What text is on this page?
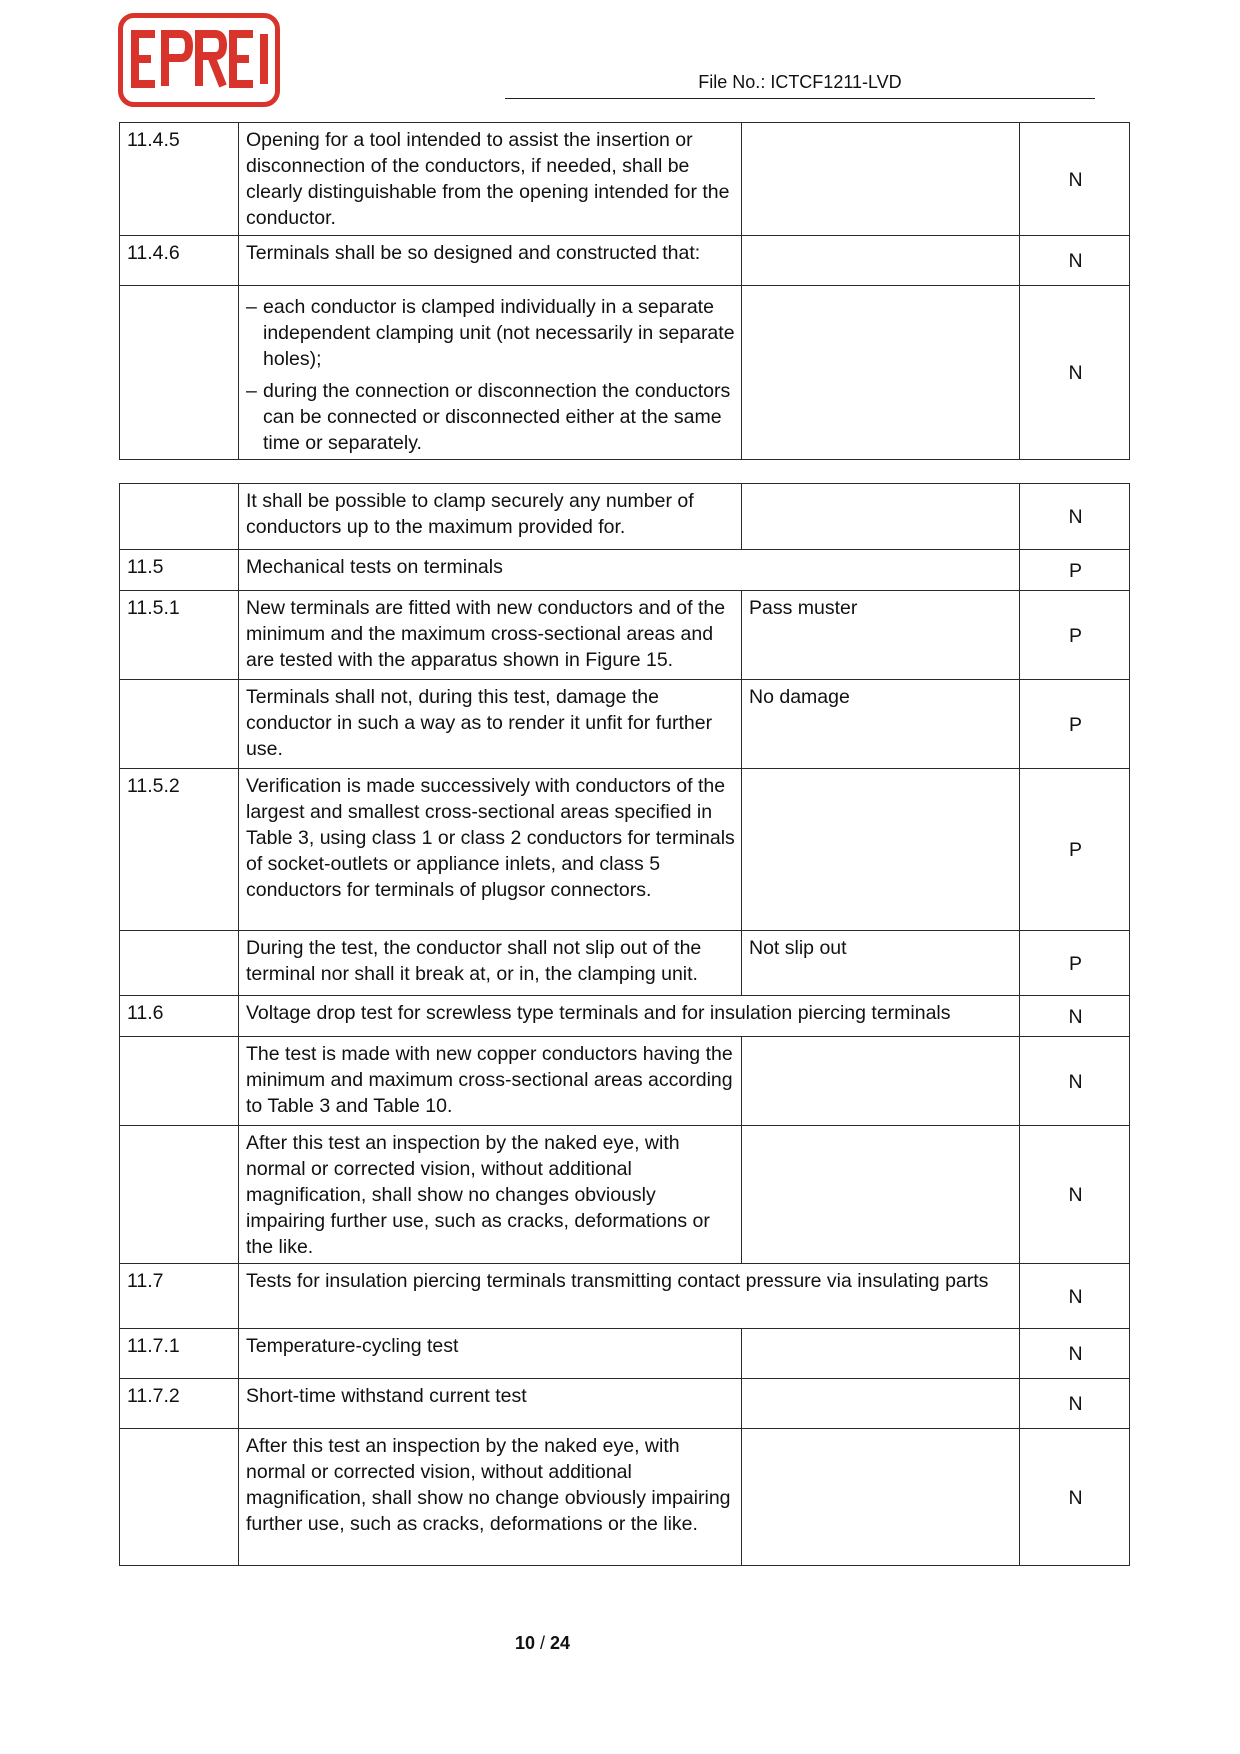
File No.: ICTCF1211-LVD
11.4.5	Opening for a tool intended to assist the insertion or disconnection of the conductors, if needed, shall be clearly distinguishable from the opening intended for the conductor.		N
11.4.6	Terminals shall be so designed and constructed that:		N

	– each conductor is clamped individually in a separate independent clamping unit (not necessarily in separate holes);
– during the connection or disconnection the conductors can be connected or disconnected either at the same time or separately.		N
	It shall be possible to clamp securely any number of conductors up to the maximum provided for.		N
11.5	Mechanical tests on terminals		P
11.5.1	New terminals are fitted with new conductors and of the minimum and the maximum cross-sectional areas and are tested with the apparatus shown in Figure 15.	Pass muster	P
	Terminals shall not, during this test, damage the conductor in such a way as to render it unfit for further use.	No damage	P
11.5.2	Verification is made successively with conductors of the largest and smallest cross-sectional areas specified in Table 3, using class 1 or class 2 conductors for terminals of socket-outlets or appliance inlets, and class 5 conductors for terminals of plugsor connectors.		P
	During the test, the conductor shall not slip out of the terminal nor shall it break at, or in, the clamping unit.	Not slip out	P
11.6	Voltage drop test for screwless type terminals and for insulation piercing terminals		N
	The test is made with new copper conductors having the minimum and maximum cross-sectional areas according to Table 3 and Table 10.		N
	After this test an inspection by the naked eye, with normal or corrected vision, without additional magnification, shall show no changes obviously impairing further use, such as cracks, deformations or the like.		N
11.7	Tests for insulation piercing terminals transmitting contact pressure via insulating parts		N
11.7.1	Temperature-cycling test		N
11.7.2	Short-time withstand current test		N
	After this test an inspection by the naked eye, with normal or corrected vision, without additional magnification, shall show no change obviously impairing further use, such as cracks, deformations or the like.		N
10 / 24
